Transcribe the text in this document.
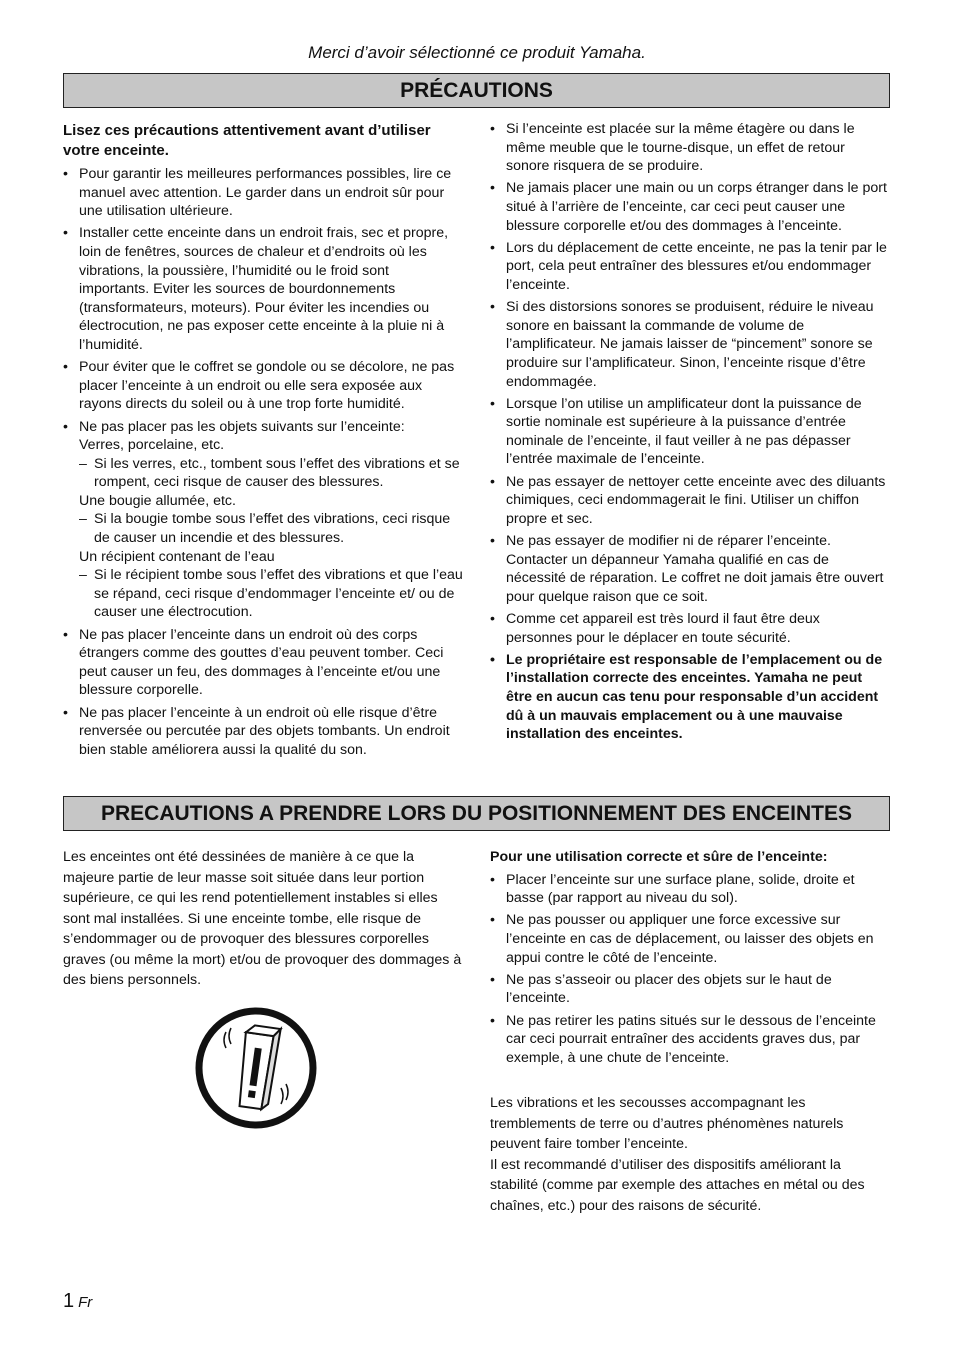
Merci d’avoir sélectionné ce produit Yamaha.
PRÉCAUTIONS
Lisez ces précautions attentivement avant d’utiliser votre enceinte.
• Pour garantir les meilleures performances possibles, lire ce manuel avec attention. Le garder dans un endroit sûr pour une utilisation ultérieure.
• Installer cette enceinte dans un endroit frais, sec et propre, loin de fenêtres, sources de chaleur et d’endroits où les vibrations, la poussière, l’humidité ou le froid sont importants. Eviter les sources de bourdonnements (transformateurs, moteurs). Pour éviter les incendies ou électrocution, ne pas exposer cette enceinte à la pluie ni à l’humidité.
• Pour éviter que le coffret se gondole ou se décolore, ne pas placer l’enceinte à un endroit ou elle sera exposée aux rayons directs du soleil ou à une trop forte humidité.
• Ne pas placer pas les objets suivants sur l’enceinte:
Verres, porcelaine, etc.
– Si les verres, etc., tombent sous l’effet des vibrations et se rompent, ceci risque de causer des blessures.
Une bougie allumée, etc.
– Si la bougie tombe sous l’effet des vibrations, ceci risque de causer un incendie et des blessures.
Un récipient contenant de l’eau
– Si le récipient tombe sous l’effet des vibrations et que l’eau se répand, ceci risque d’endommager l’enceinte et/ ou de causer une électrocution.
• Ne pas placer l’enceinte dans un endroit où des corps étrangers comme des gouttes d’eau peuvent tomber. Ceci peut causer un feu, des dommages à l’enceinte et/ou une blessure corporelle.
• Ne pas placer l’enceinte à un endroit où elle risque d’être renversée ou percutée par des objets tombants. Un endroit bien stable améliorera aussi la qualité du son.
• Si l’enceinte est placée sur la même étagère ou dans le même meuble que le tourne-disque, un effet de retour sonore risquera de se produire.
• Ne jamais placer une main ou un corps étranger dans le port situé à l’arrière de l’enceinte, car ceci peut causer une blessure corporelle et/ou des dommages à l’enceinte.
• Lors du déplacement de cette enceinte, ne pas la tenir par le port, cela peut entraîner des blessures et/ou endommager l’enceinte.
• Si des distorsions sonores se produisent, réduire le niveau sonore en baissant la commande de volume de l’amplificateur. Ne jamais laisser de “pincement” sonore se produire sur l’amplificateur. Sinon, l’enceinte risque d’être endommagée.
• Lorsque l’on utilise un amplificateur dont la puissance de sortie nominale est supérieure à la puissance d’entrée nominale de l’enceinte, il faut veiller à ne pas dépasser l’entrée maximale de l’enceinte.
• Ne pas essayer de nettoyer cette enceinte avec des diluants chimiques, ceci endommagerait le fini. Utiliser un chiffon propre et sec.
• Ne pas essayer de modifier ni de réparer l’enceinte. Contacter un dépanneur Yamaha qualifié en cas de nécessité de réparation. Le coffret ne doit jamais être ouvert pour quelque raison que ce soit.
• Comme cet appareil est très lourd il faut être deux personnes pour le déplacer en toute sécurité.
• Le propriétaire est responsable de l’emplacement ou de l’installation correcte des enceintes. Yamaha ne peut être en aucun cas tenu pour responsable d’un accident dû à un mauvais emplacement ou à une mauvaise installation des enceintes.
PRECAUTIONS A PRENDRE LORS DU POSITIONNEMENT DES ENCEINTES
Les enceintes ont été dessinées de manière à ce que la majeure partie de leur masse soit située dans leur portion supérieure, ce qui les rend potentiellement instables si elles sont mal installées. Si une enceinte tombe, elle risque de s’endommager ou de provoquer des blessures corporelles graves (ou même la mort) et/ou de provoquer des dommages à des biens personnels.
Pour une utilisation correcte et sûre de l’enceinte:
• Placer l’enceinte sur une surface plane, solide, droite et basse (par rapport au niveau du sol).
• Ne pas pousser ou appliquer une force excessive sur l’enceinte en cas de déplacement, ou laisser des objets en appui contre le côté de l’enceinte.
• Ne pas s’asseoir ou placer des objets sur le haut de l’enceinte.
• Ne pas retirer les patins situés sur le dessous de l’enceinte car ceci pourrait entraîner des accidents graves dus, par exemple, à une chute de l’enceinte.
Les vibrations et les secousses accompagnant les tremblements de terre ou d’autres phénomènes naturels peuvent faire tomber l’enceinte.
Il est recommandé d’utiliser des dispositifs améliorant la stabilité (comme par exemple des attaches en métal ou des chaînes, etc.) pour des raisons de sécurité.
1 Fr
